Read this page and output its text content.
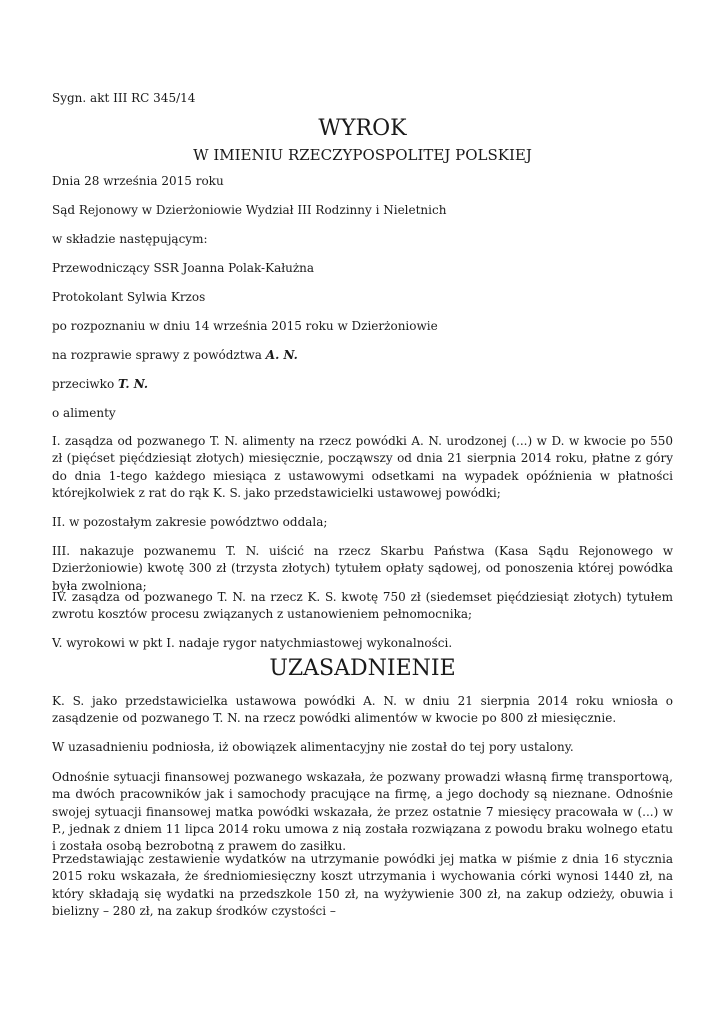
Sygn. akt III RC 345/14

WYROK
W IMIENIU RZECZYPOSPOLITEJ POLSKIEJ

Dnia 28 września 2015 roku

Sąd Rejonowy w Dzierżoniowie Wydział III Rodzinny i Nieletnich

w składzie następującym:

Przewodniczący SSR Joanna Polak-Kałużna

Protokolant Sylwia Krzos

po rozpoznaniu w dniu 14 września 2015 roku w Dzierżoniowie

na rozprawie sprawy z powództwa A. N.

przeciwko T. N.

o alimenty

I. zasądza od pozwanego T. N. alimenty na rzecz powódki A. N. urodzonej (...) w D. w kwocie po 550 zł (pięćset pięćdziesiąt złotych) miesięcznie, począwszy od dnia 21 sierpnia 2014 roku, płatne z góry do dnia 1-tego każdego miesiąca z ustawowymi odsetkami na wypadek opóźnienia w płatności którejkolwiek z rat do rąk K. S. jako przedstawicielki ustawowej powódki;

II. w pozostałym zakresie powództwo oddala;

III. nakazuje pozwanemu T. N. uiścić na rzecz Skarbu Państwa (Kasa Sądu Rejonowego w Dzierżoniowie) kwotę 300 zł (trzysta złotych) tytułem opłaty sądowej, od ponoszenia której powódka była zwolniona;

IV. zasądza od pozwanego T. N. na rzecz K. S. kwotę 750 zł (siedemset pięćdziesiąt złotych) tytułem zwrotu kosztów procesu związanych z ustanowieniem pełnomocnika;

V. wyrokowi w pkt I. nadaje rygor natychmiastowej wykonalności.

UZASADNIENIE

K. S. jako przedstawicielka ustawowa powódki A. N. w dniu 21 sierpnia 2014 roku wniosła o zasądzenie od pozwanego T. N. na rzecz powódki alimentów w kwocie po 800 zł miesięcznie.

W uzasadnieniu podniosła, iż obowiązek alimentacyjny nie został do tej pory ustalony.

Odnośnie sytuacji finansowej pozwanego wskazała, że pozwany prowadzi własną firmę transportową, ma dwóch pracowników jak i samochody pracujące na firmę, a jego dochody są nieznane. Odnośnie swojej sytuacji finansowej matka powódki wskazała, że przez ostatnie 7 miesięcy pracowała w (...) w P., jednak z dniem 11 lipca 2014 roku umowa z nią została rozwiązana z powodu braku wolnego etatu i została osobą bezrobotną z prawem do zasiłku.

Przedstawiając zestawienie wydatków na utrzymanie powódki jej matka w piśmie z dnia 16 stycznia 2015 roku wskazała, że średniomiesięczny koszt utrzymania i wychowania córki wynosi 1440 zł, na który składają się wydatki na przedszkole 150 zł, na wyżywienie 300 zł, na zakup odzieży, obuwia i bielizny – 280 zł, na zakup środków czystości –
